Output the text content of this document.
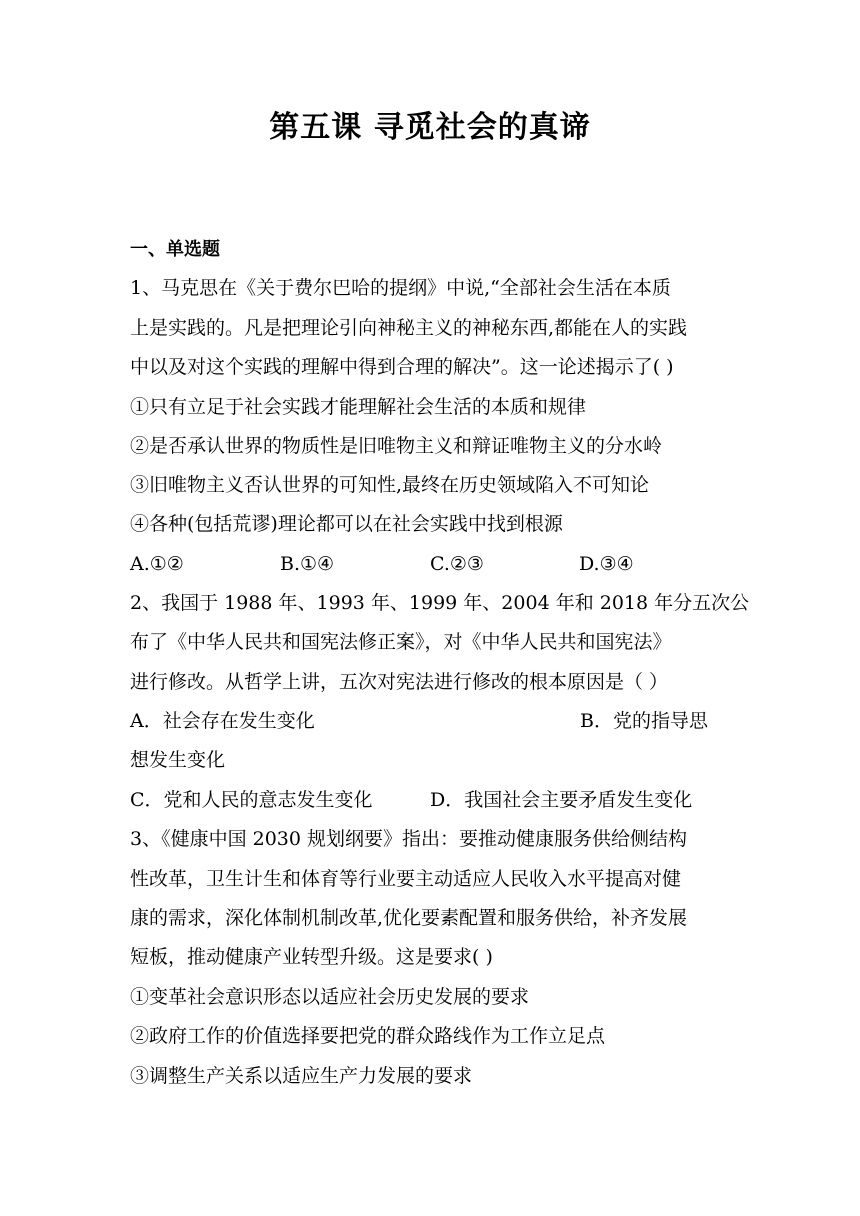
第五课 寻觅社会的真谛
一、单选题
1、马克思在《关于费尔巴哈的提纲》中说,“全部社会生活在本质
上是实践的。凡是把理论引向神秘主义的神秘东西,都能在人的实践
中以及对这个实践的理解中得到合理的解决”。这一论述揭示了( )
①只有立足于社会实践才能理解社会生活的本质和规律
②是否承认世界的物质性是旧唯物主义和辩证唯物主义的分水岭
③旧唯物主义否认世界的可知性,最终在历史领域陷入不可知论
④各种(包括荒谬)理论都可以在社会实践中找到根源
A.①②	B.①④	C.②③	D.③④
2、我国于 1988 年、1993 年、1999 年、2004 年和 2018 年分五次公
布了《中华人民共和国宪法修正案》，对《中华人民共和国宪法》
进行修改。从哲学上讲，五次对宪法进行修改的根本原因是（ ）
A．社会存在发生变化	B．党的指导思
想发生变化
C．党和人民的意志发生变化	D．我国社会主要矛盾发生变化
3、《健康中国 2030 规划纲要》指出：要推动健康服务供给侧结构
性改革，卫生计生和体育等行业要主动适应人民收入水平提高对健
康的需求，深化体制机制改革,优化要素配置和服务供给，补齐发展
短板，推动健康产业转型升级。这是要求( )
①变革社会意识形态以适应社会历史发展的要求
②政府工作的价值选择要把党的群众路线作为工作立足点
③调整生产关系以适应生产力发展的要求
